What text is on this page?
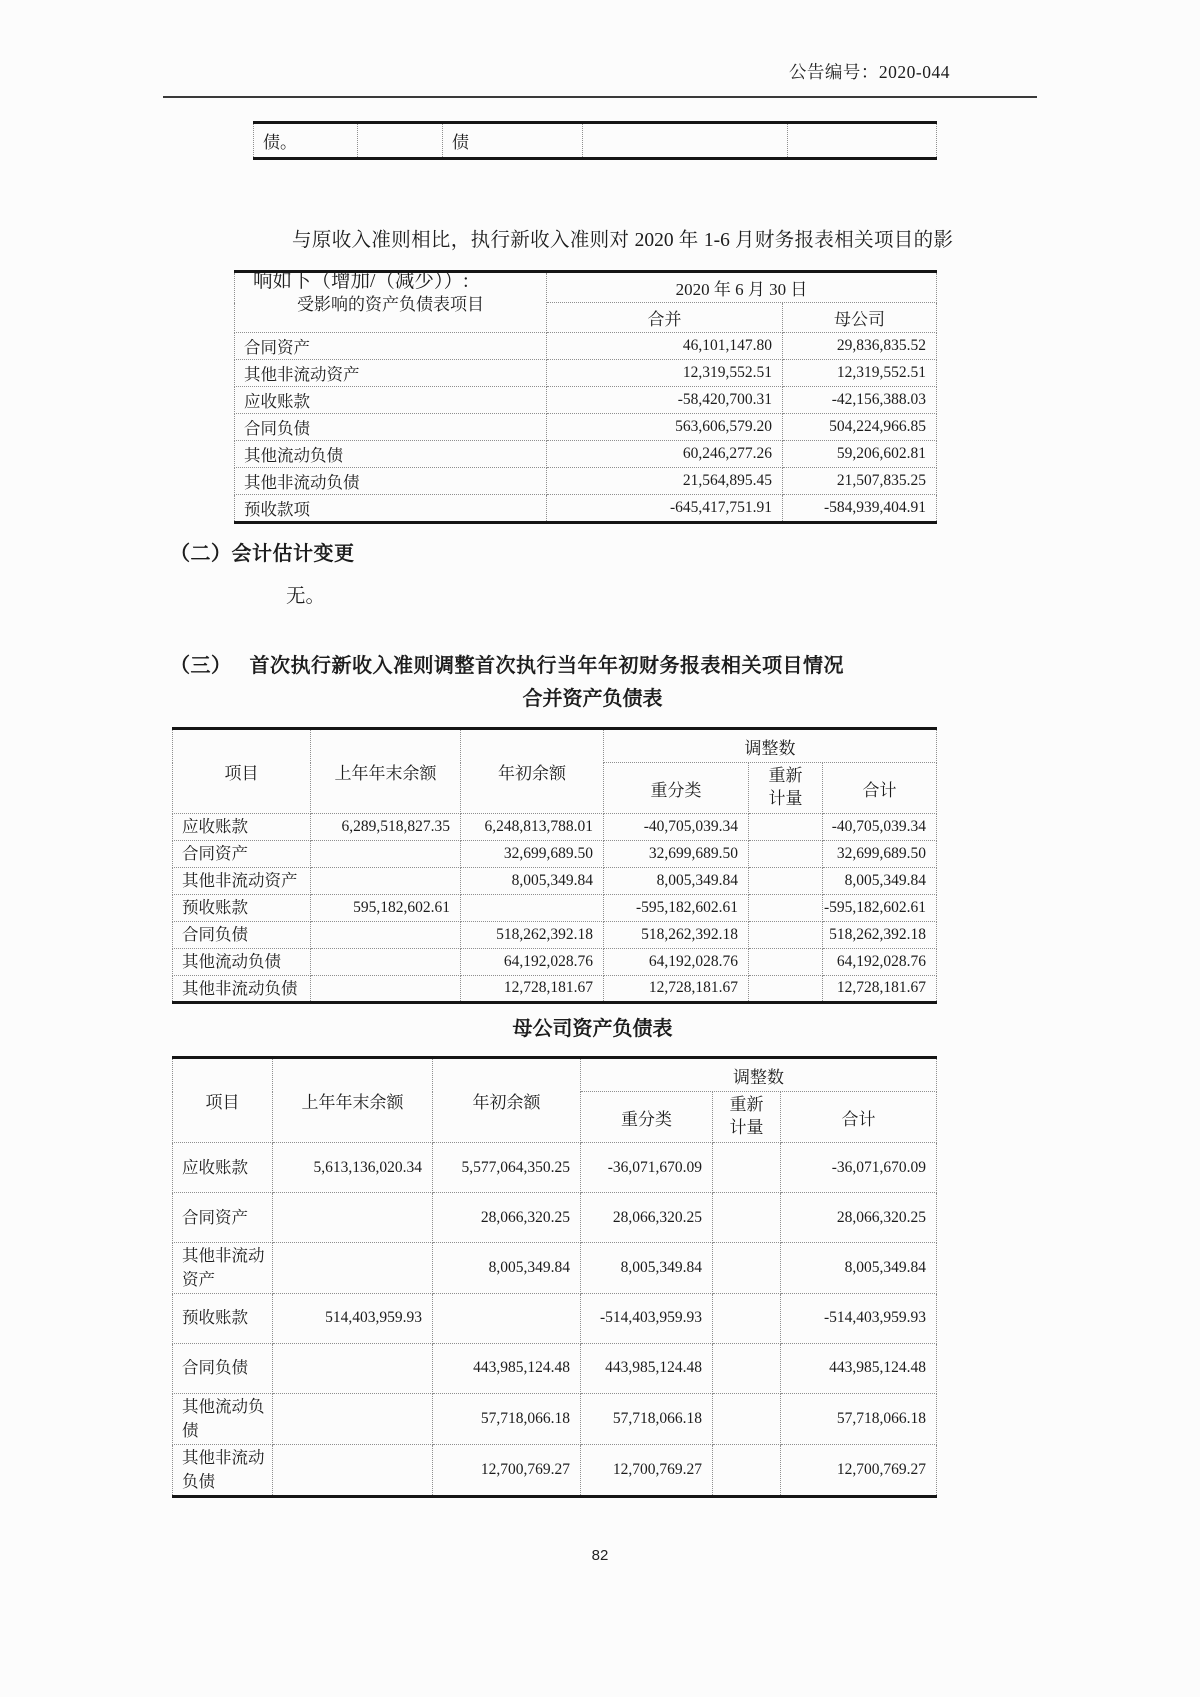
公告编号：2020-044
债。		债		

与原收入准则相比，执行新收入准则对 2020 年 1-6 月财务报表相关项目的影响如下（增加/（减少））:

受影响的资产负债表项目	2020 年 6 月 30 日	
	合并	母公司
合同资产	46,101,147.80	29,836,835.52
其他非流动资产	12,319,552.51	12,319,552.51
应收账款	-58,420,700.31	-42,156,388.03
合同负债	563,606,579.20	504,224,966.85
其他流动负债	60,246,277.26	59,206,602.81
其他非流动负债	21,564,895.45	21,507,835.25
预收款项	-645,417,751.91	-584,939,404.91
（二）会计估计变更
无。
（三） 首次执行新收入准则调整首次执行当年年初财务报表相关项目情况
合并资产负债表
项目	上年年末余额	年初余额	调整数		
			重分类	重新计量	合计
应收账款	6,289,518,827.35	6,248,813,788.01	-40,705,039.34		-40,705,039.34
合同资产		32,699,689.50	32,699,689.50		32,699,689.50
其他非流动资产		8,005,349.84	8,005,349.84		8,005,349.84
预收账款	595,182,602.61		-595,182,602.61		-595,182,602.61
合同负债		518,262,392.18	518,262,392.18		518,262,392.18
其他流动负债		64,192,028.76	64,192,028.76		64,192,028.76
其他非流动负债		12,728,181.67	12,728,181.67		12,728,181.67
母公司资产负债表
项目	上年年末余额	年初余额	调整数		
			重分类	重新计量	合计
应收账款	5,613,136,020.34	5,577,064,350.25	-36,071,670.09		-36,071,670.09
合同资产		28,066,320.25	28,066,320.25		28,066,320.25
其他非流动资产		8,005,349.84	8,005,349.84		8,005,349.84
预收账款	514,403,959.93		-514,403,959.93		-514,403,959.93
合同负债		443,985,124.48	443,985,124.48		443,985,124.48
其他流动负债		57,718,066.18	57,718,066.18		57,718,066.18
其他非流动负债		12,700,769.27	12,700,769.27		12,700,769.27
82
